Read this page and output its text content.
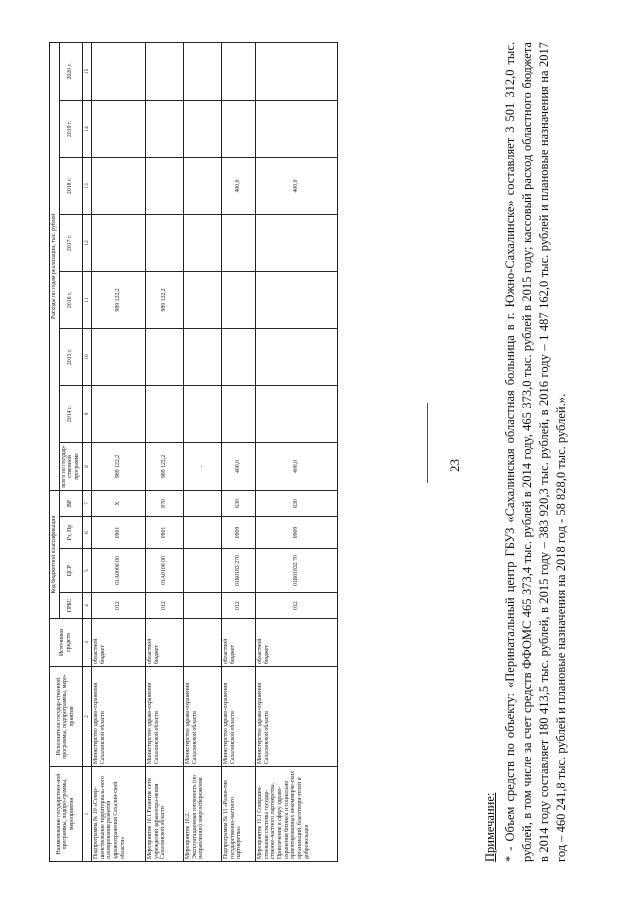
Наименование государствен-ной программы, подпро-граммы, мероприятия	Исполнители государ-ственной программы, подпрограммы, меро-приятия	Источники средств	Код бюджетной классификации				Расходы по годам реализации, тыс. рублей							
			ГРБС	ЦСР	Рз, Пр	ВР	всего по государ-ственной программе	2014 г.	2015 г.	2016 г.	2017 г.	2018 г.	2019 г.	2020 г.

1	2	3	4	5	6	7	8	9	10	11	12	13	14	15
Подпрограмма № 10 «Совер-шенствование территориаль-ного планирования развития здравоохранения Сахалин-ской области»	Министерство здраво-охранения Сахалинской области	областной бюджет	012	01А0000 00	0901	Х	989 122,2			989 122,2				
Мероприятие 10.1 Развитие сети учреждений здравоохра-нения Сахалинской области	Министерство здраво-охранения Сахалинской области	областной бюджет	012	01А0100 00	0901	870	989 122,2			989 122,2				
Мероприятие 10.2. Эксплуатационная готовность (по направлению) энергосбережения	Министерство здраво-охранения Сахалинской области						-							
Подпрограмма № 11 «Разви-тие государственно-частного партнерства»	Министерство здраво-охранения Сахалинской области	областной бюджет	012	01Б0183 270	0909	630	400,0					400,0		
Мероприятие 11.1 Совершен-ствование системы государ-ственно-частного партнерства. Привлечение в сферу здраво-охранения бизнеса и социально ориентированных некоммерче-ских организаций, благотвори-телей и добровольцев	Министерство здраво-охранения Сахалинской области	областной бюджет	012	01Б01832 70	0909	630	400,0					400,0		
23
Примечание: * - Объем средств по объекту: «Перинатальный центр ГБУЗ «Сахалинская областная больница в г. Южно-Сахалинске» составляет 3 501 312,0 тыс. рублей, в том числе за счет средств ФФОМС 465 373,4 тыс. рублей в 2014 году, 465 373,0 тыс. рублей в 2015 году; кассовый расход областного бюджета в 2014 году составляет 180 413,5 тыс. рублей, в 2015 году – 383 920,3 тыс. рублей, в 2016 году – 1 487 162,0 тыс. рублей и плановые назначения на 2017 год – 460 241,8 тыс. рублей и плановые назначения на 2018 год - 58 828,0 тыс. рублей.».
